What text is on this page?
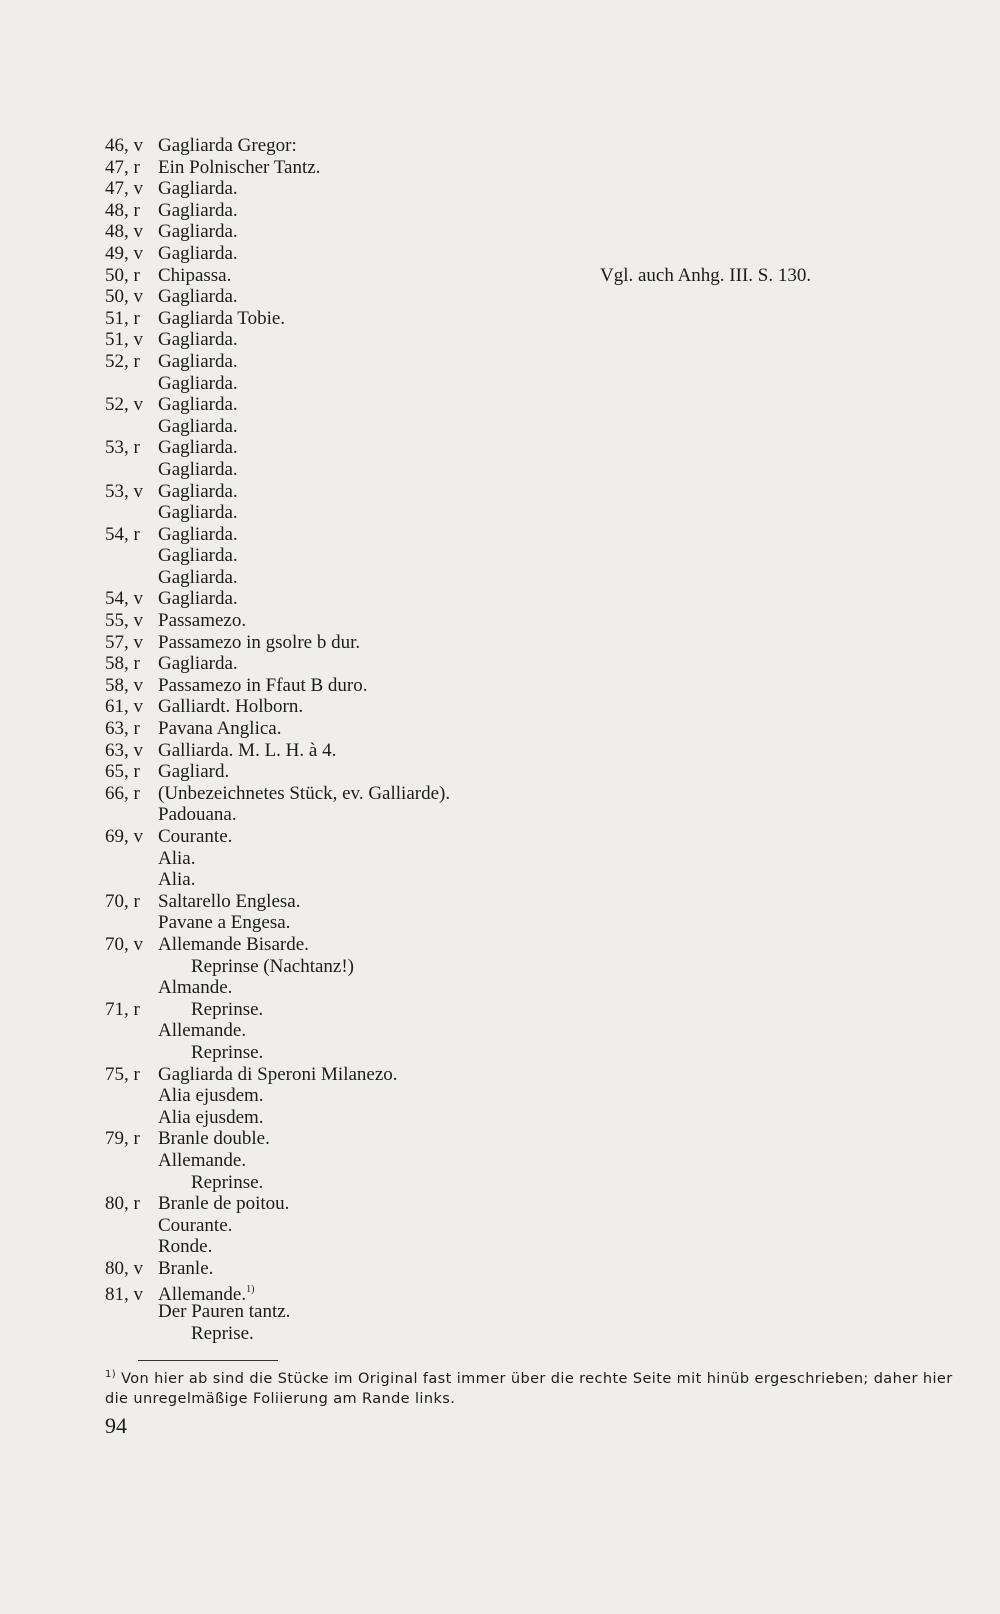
46, v Gagliarda Gregor:
47, r Ein Polnischer Tantz.
47, v Gagliarda.
48, r Gagliarda.
48, v Gagliarda.
49, v Gagliarda.
50, r Chipassa.
50, v Gagliarda.
51, r Gagliarda Tobie.
51, v Gagliarda.
52, r Gagliarda.
Gagliarda.
52, v Gagliarda.
Gagliarda.
53, r Gagliarda.
Gagliarda.
53, v Gagliarda.
Gagliarda.
54, r Gagliarda.
Gagliarda.
Gagliarda.
54, v Gagliarda.
55, v Passamezo.
57, v Passamezo in gsolre b dur.
58, r Gagliarda.
58, v Passamezo in Ffaut B duro.
61, v Galliardt. Holborn.
63, r Pavana Anglica.
63, v Galliarda. M. L. H. à 4.
65, r Gagliard.
66, r (Unbezeichnetes Stück, ev. Galliarde).
Padouana.
69, v Courante.
Alia.
Alia.
70, r Saltarello Englesa.
Pavane a Engesa.
70, v Allemande Bisarde.
Reprinse (Nachtanz!)
Almande.
71, r	Reprinse.
Allemande.
Reprinse.
75, r Gagliarda di Speroni Milanezo.
Alia ejusdem.
Alia ejusdem.
79, r Branle double.
Allemande.
Reprinse.
80, r Branle de poitou.
Courante.
Ronde.
80, v Branle.
81, v Allemande.$^{1)}$
Der Pauren tantz.
Reprise.
Vgl. auch Anhg. III. S. 130.
$^{1)}$ Von hier ab sind die Stücke im Original fast immer über die rechte Seite mit hinüb ergeschrieben; daher hier die unregelmäßige Foliierung am Rande links.
94
